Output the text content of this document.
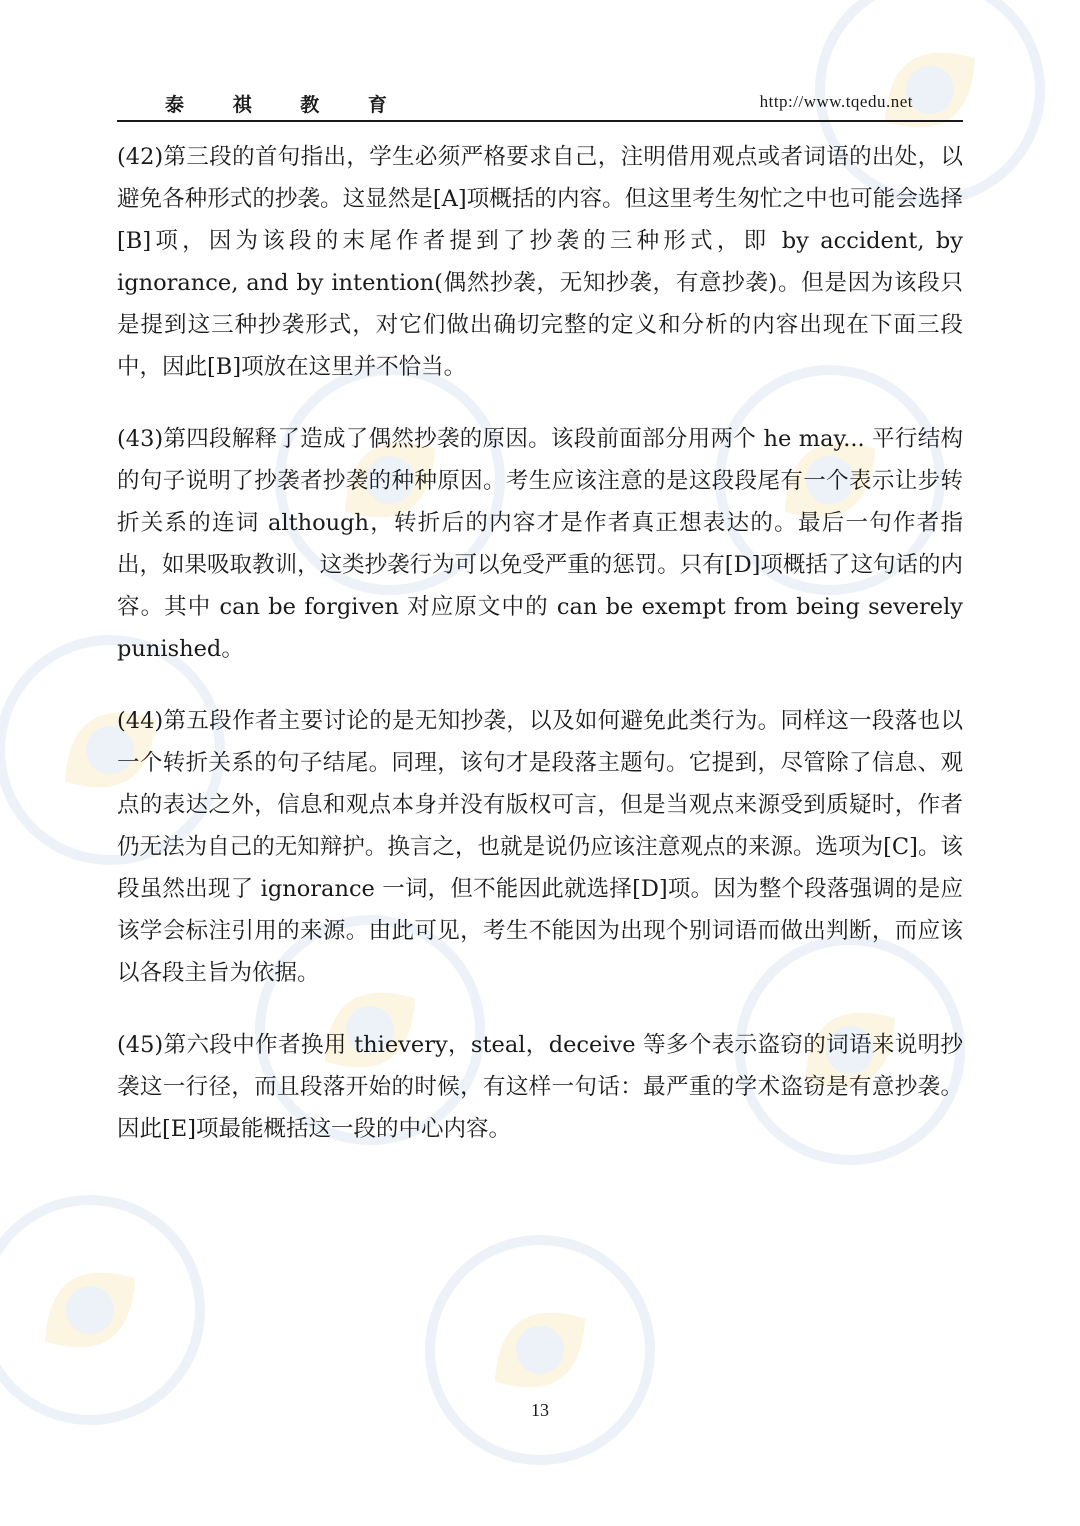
泰 祺 教 育	http://www.tqedu.net

(42)第三段的首句指出，学生必须严格要求自己，注明借用观点或者词语的出处，以避免各种形式的抄袭。这显然是[A]项概括的内容。但这里考生匆忙之中也可能会选择[B]项，因为该段的末尾作者提到了抄袭的三种形式，即 by accident, by ignorance, and by intention(偶然抄袭，无知抄袭，有意抄袭)。但是因为该段只是提到这三种抄袭形式，对它们做出确切完整的定义和分析的内容出现在下面三段中，因此[B]项放在这里并不恰当。

(43)第四段解释了造成了偶然抄袭的原因。该段前面部分用两个 he may... 平行结构的句子说明了抄袭者抄袭的种种原因。考生应该注意的是这段段尾有一个表示让步转折关系的连词 although，转折后的内容才是作者真正想表达的。最后一句作者指出，如果吸取教训，这类抄袭行为可以免受严重的惩罚。只有[D]项概括了这句话的内容。其中 can be forgiven 对应原文中的 can be exempt from being severely punished。

(44)第五段作者主要讨论的是无知抄袭，以及如何避免此类行为。同样这一段落也以一个转折关系的句子结尾。同理，该句才是段落主题句。它提到，尽管除了信息、观点的表达之外，信息和观点本身并没有版权可言，但是当观点来源受到质疑时，作者仍无法为自己的无知辩护。换言之，也就是说仍应该注意观点的来源。选项为[C]。该段虽然出现了 ignorance 一词，但不能因此就选择[D]项。因为整个段落强调的是应该学会标注引用的来源。由此可见，考生不能因为出现个别词语而做出判断，而应该以各段主旨为依据。

(45)第六段中作者换用 thievery，steal，deceive 等多个表示盗窃的词语来说明抄袭这一行径，而且段落开始的时候，有这样一句话：最严重的学术盗窃是有意抄袭。因此[E]项最能概括这一段的中心内容。

13
